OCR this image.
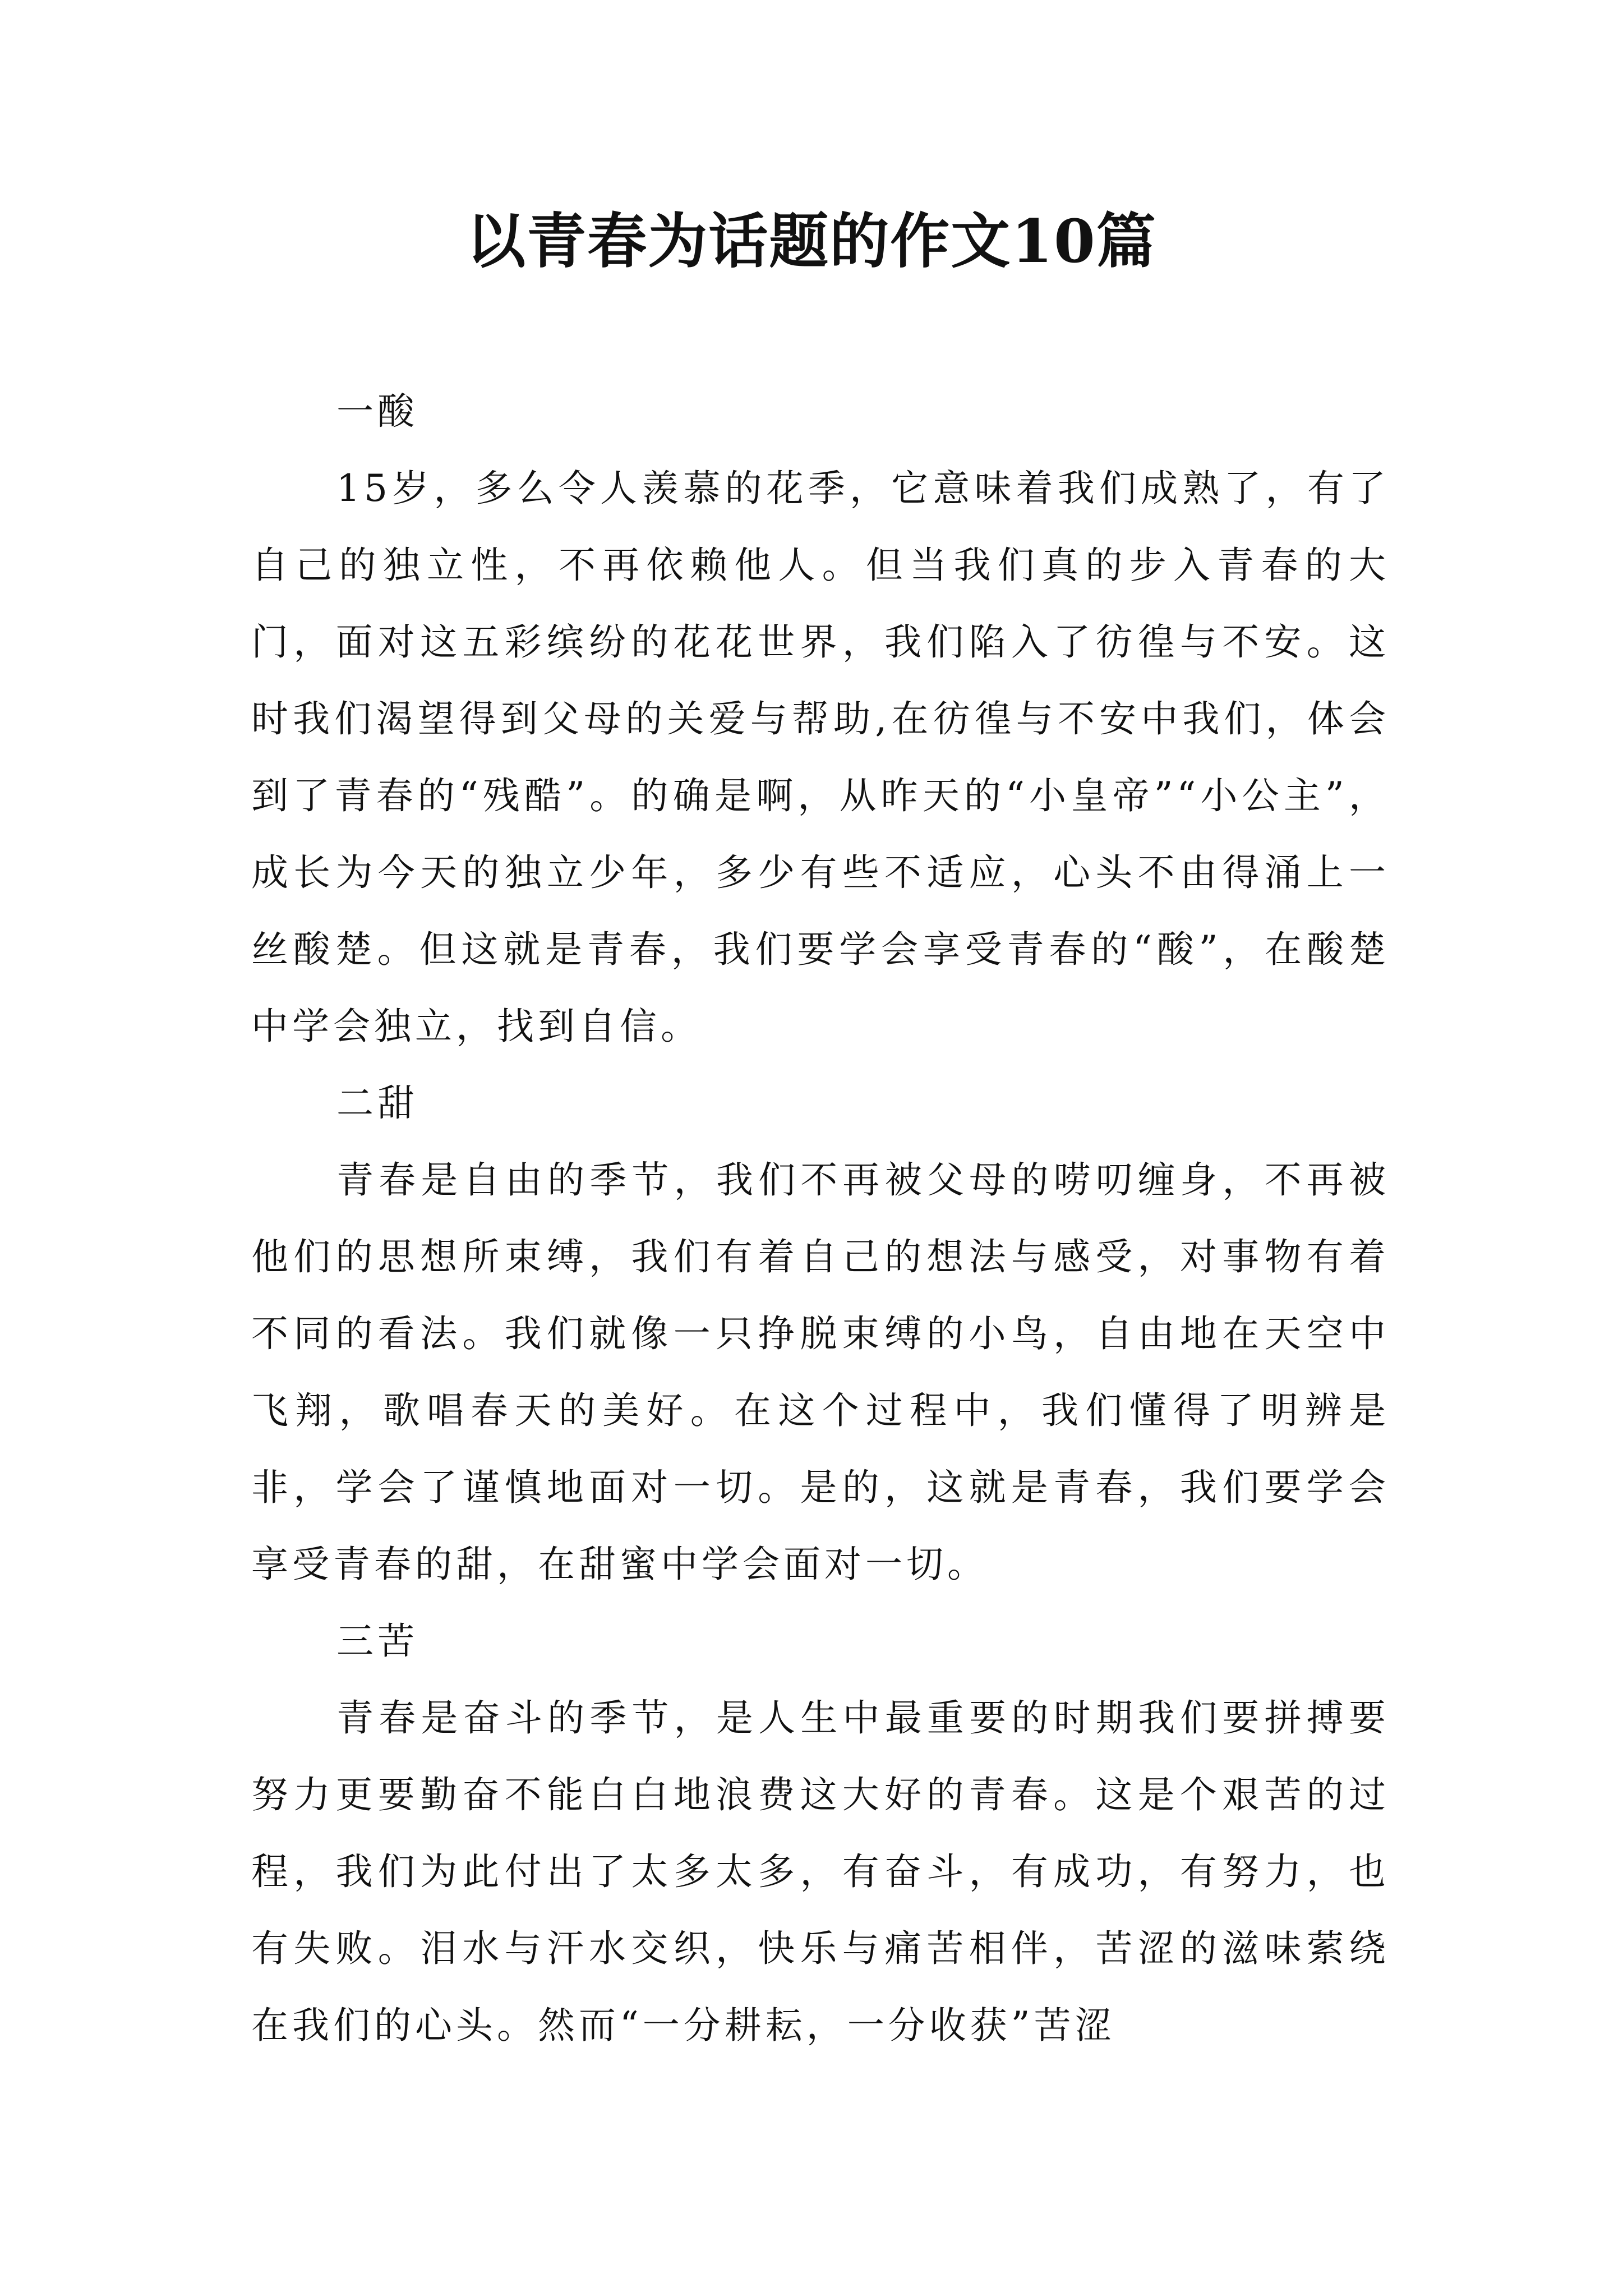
以青春为话题的作文10篇

一酸

15岁，多么令人羡慕的花季，它意味着我们成熟了，有了自己的独立性，不再依赖他人。但当我们真的步入青春的大门，面对这五彩缤纷的花花世界，我们陷入了彷徨与不安。这时我们渴望得到父母的关爱与帮助,在彷徨与不安中我们，体会到了青春的“残酷”。的确是啊，从昨天的“小皇帝”“小公主”，成长为今天的独立少年，多少有些不适应，心头不由得涌上一丝酸楚。但这就是青春，我们要学会享受青春的“酸”，在酸楚中学会独立，找到自信。

二甜

青春是自由的季节，我们不再被父母的唠叨缠身，不再被他们的思想所束缚，我们有着自己的想法与感受，对事物有着不同的看法。我们就像一只挣脱束缚的小鸟，自由地在天空中飞翔，歌唱春天的美好。在这个过程中，我们懂得了明辨是非，学会了谨慎地面对一切。是的，这就是青春，我们要学会享受青春的甜，在甜蜜中学会面对一切。

三苦

青春是奋斗的季节，是人生中最重要的时期我们要拼搏要努力更要勤奋不能白白地浪费这大好的青春。这是个艰苦的过程，我们为此付出了太多太多，有奋斗，有成功，有努力，也有失败。泪水与汗水交织，快乐与痛苦相伴，苦涩的滋味萦绕在我们的心头。然而“一分耕耘，一分收获”苦涩
